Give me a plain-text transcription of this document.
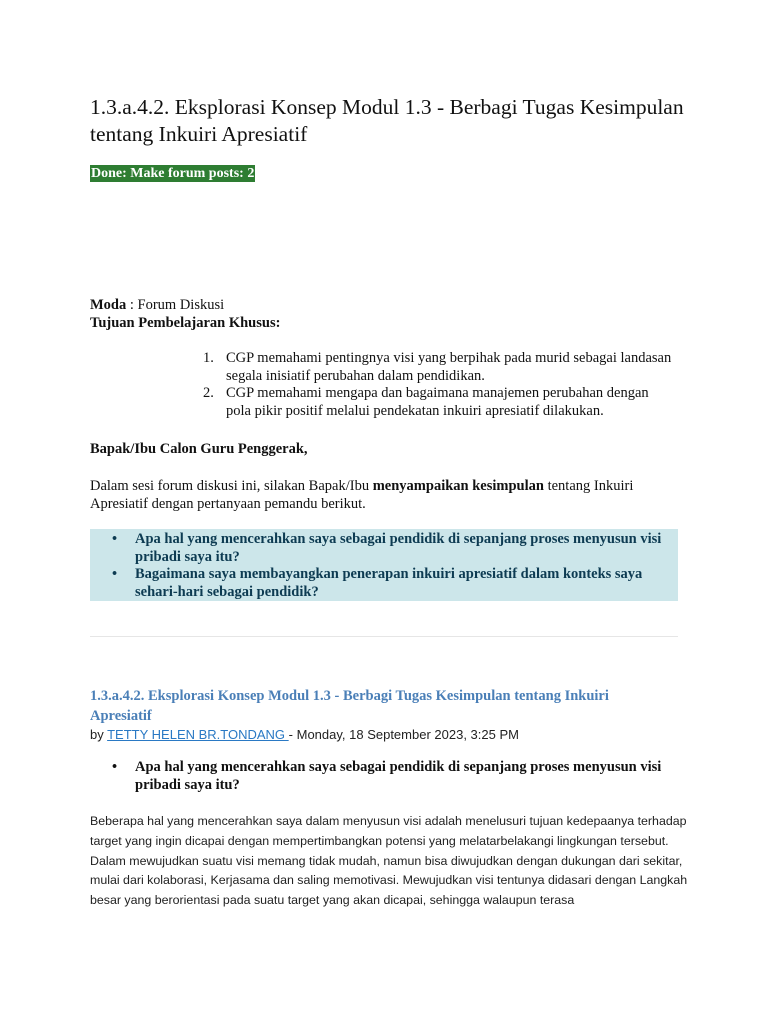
1.3.a.4.2. Eksplorasi Konsep Modul 1.3 - Berbagi Tugas Kesimpulan tentang Inkuiri Apresiatif
Done: Make forum posts: 2
Moda : Forum Diskusi
Tujuan Pembelajaran Khusus:
1. CGP memahami pentingnya visi yang berpihak pada murid sebagai landasan segala inisiatif perubahan dalam pendidikan.
2. CGP memahami mengapa dan bagaimana manajemen perubahan dengan pola pikir positif melalui pendekatan inkuiri apresiatif dilakukan.
Bapak/Ibu Calon Guru Penggerak,
Dalam sesi forum diskusi ini, silakan Bapak/Ibu menyampaikan kesimpulan tentang Inkuiri Apresiatif dengan pertanyaan pemandu berikut.
• Apa hal yang mencerahkan saya sebagai pendidik di sepanjang proses menyusun visi pribadi saya itu?
• Bagaimana saya membayangkan penerapan inkuiri apresiatif dalam konteks saya sehari-hari sebagai pendidik?
1.3.a.4.2. Eksplorasi Konsep Modul 1.3 - Berbagi Tugas Kesimpulan tentang Inkuiri Apresiatif
by TETTY HELEN BR.TONDANG - Monday, 18 September 2023, 3:25 PM
• Apa hal yang mencerahkan saya sebagai pendidik di sepanjang proses menyusun visi pribadi saya itu?

Beberapa hal yang mencerahkan saya dalam menyusun visi adalah menelusuri tujuan kedepaanya terhadap target yang ingin dicapai dengan mempertimbangkan potensi yang melatarbelakangi lingkungan tersebut.

Dalam mewujudkan suatu visi memang tidak mudah, namun bisa diwujudkan dengan dukungan dari sekitar, mulai dari kolaborasi, Kerjasama dan saling memotivasi. Mewujudkan visi tentunya didasari dengan Langkah besar yang berorientasi pada suatu target yang akan dicapai, sehingga walaupun terasa
